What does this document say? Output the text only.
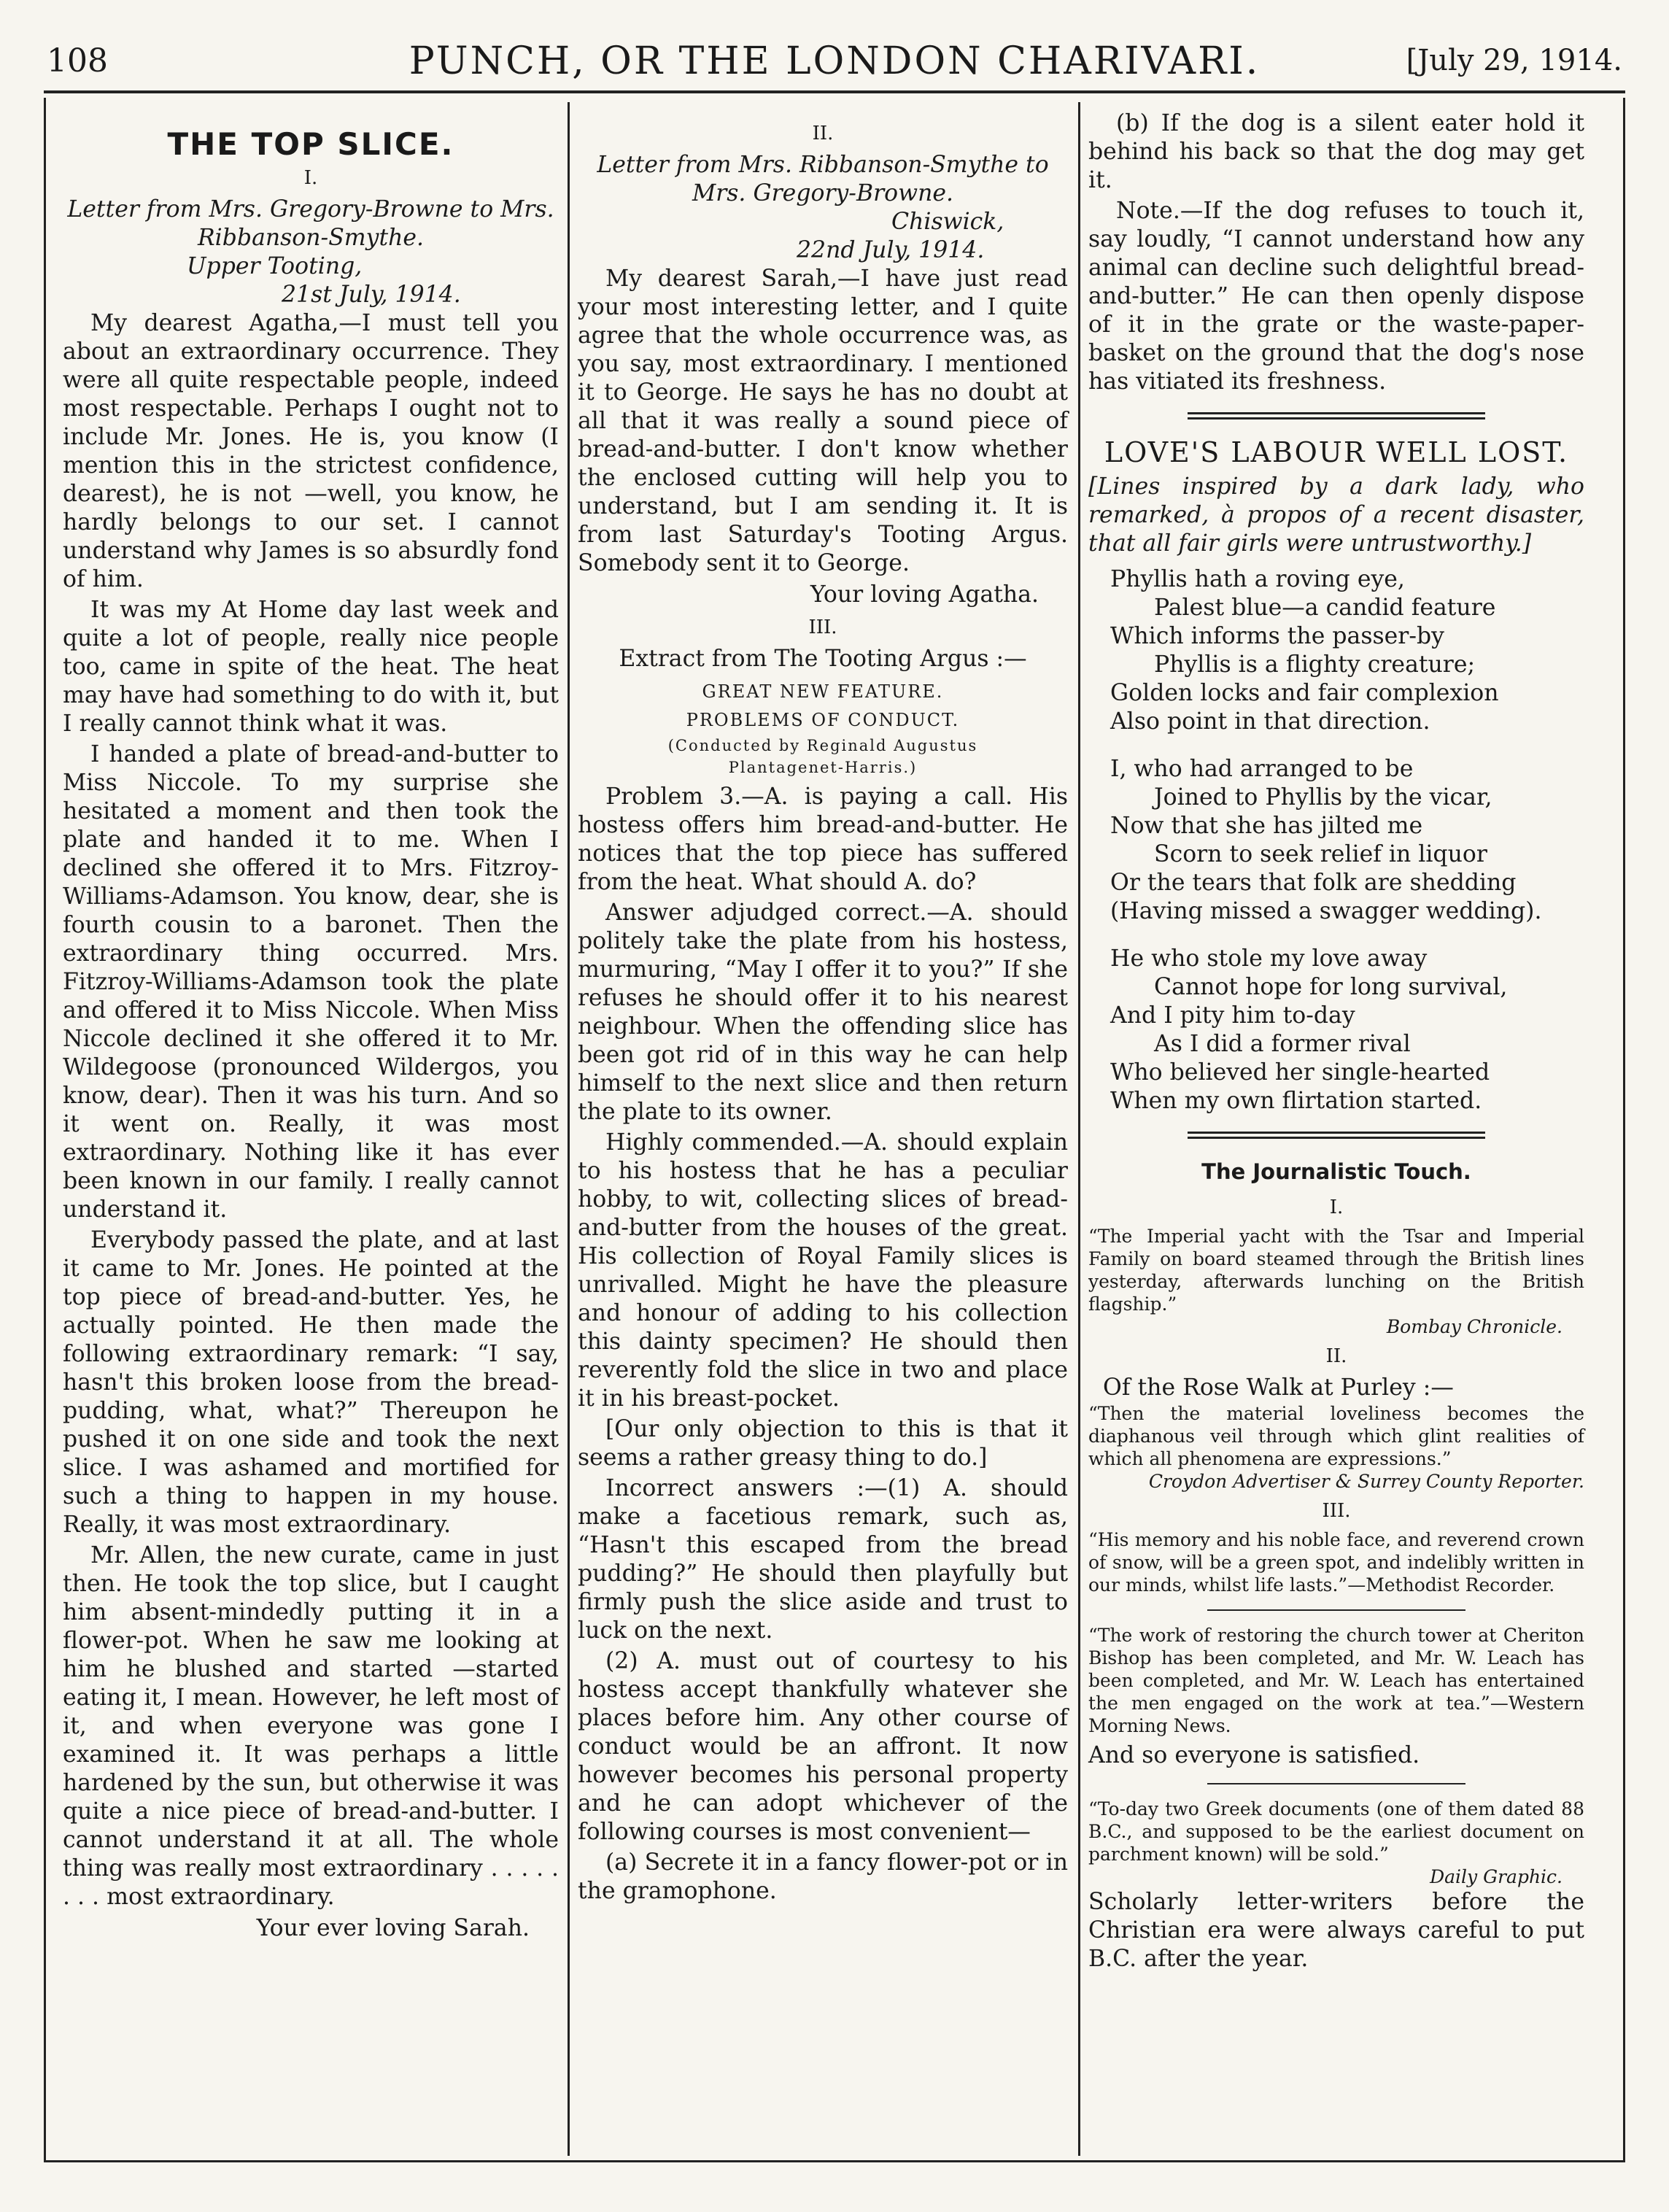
108	PUNCH, OR THE LONDON CHARIVARI.	[July 29, 1914.
THE TOP SLICE.
I.
Letter from Mrs. Gregory-Browne to Mrs. Ribbanson-Smythe.
Upper Tooting,
21st July, 1914.

My dearest Agatha,—I must tell you about an extraordinary occurrence. They were all quite respectable people, indeed most respectable. Perhaps I ought not to include Mr. Jones. He is, you know (I mention this in the strictest confidence, dearest), he is not —well, you know, he hardly belongs to our set. I cannot understand why James is so absurdly fond of him.

It was my At Home day last week and quite a lot of people, really nice people too, came in spite of the heat. The heat may have had something to do with it, but I really cannot think what it was.

I handed a plate of bread-and-butter to Miss Niccole. To my surprise she hesitated a moment and then took the plate and handed it to me. When I declined she offered it to Mrs. Fitzroy-Williams-Adamson. You know, dear, she is fourth cousin to a baronet. Then the extraordinary thing occurred. Mrs. Fitzroy-Williams-Adamson took the plate and offered it to Miss Niccole. When Miss Niccole declined it she offered it to Mr. Wildegoose (pronounced Wildergos, you know, dear). Then it was his turn. And so it went on. Really, it was most extraordinary. Nothing like it has ever been known in our family. I really cannot understand it.

Everybody passed the plate, and at last it came to Mr. Jones. He pointed at the top piece of bread-and-butter. Yes, he actually pointed. He then made the following extraordinary remark: “I say, hasn't this broken loose from the bread-pudding, what, what?” Thereupon he pushed it on one side and took the next slice. I was ashamed and mortified for such a thing to happen in my house. Really, it was most extraordinary.

Mr. Allen, the new curate, came in just then. He took the top slice, but I caught him absent-mindedly putting it in a flower-pot. When he saw me looking at him he blushed and started —started eating it, I mean. However, he left most of it, and when everyone was gone I examined it. It was perhaps a little hardened by the sun, but otherwise it was quite a nice piece of bread-and-butter. I cannot understand it at all. The whole thing was really most extraordinary . . . . . . . . most extraordinary.

Your ever loving Sarah.
II.
Letter from Mrs. Ribbanson-Smythe to Mrs. Gregory-Browne.
Chiswick,
22nd July, 1914.

My dearest Sarah,—I have just read your most interesting letter, and I quite agree that the whole occurrence was, as you say, most extraordinary. I mentioned it to George. He says he has no doubt at all that it was really a sound piece of bread-and-butter. I don't know whether the enclosed cutting will help you to understand, but I am sending it. It is from last Saturday's Tooting Argus. Somebody sent it to George.

Your loving Agatha.
III.
Extract from The Tooting Argus :—
GREAT NEW FEATURE.
PROBLEMS OF CONDUCT.
(Conducted by Reginald Augustus Plantagenet-Harris.)

Problem 3.—A. is paying a call. His hostess offers him bread-and-butter. He notices that the top piece has suffered from the heat. What should A. do?

Answer adjudged correct.—A. should politely take the plate from his hostess, murmuring, “May I offer it to you?” If she refuses he should offer it to his nearest neighbour. When the offending slice has been got rid of in this way he can help himself to the next slice and then return the plate to its owner.

Highly commended.—A. should explain to his hostess that he has a peculiar hobby, to wit, collecting slices of bread-and-butter from the houses of the great. His collection of Royal Family slices is unrivalled. Might he have the pleasure and honour of adding to his collection this dainty specimen? He should then reverently fold the slice in two and place it in his breast-pocket.

[Our only objection to this is that it seems a rather greasy thing to do.]

Incorrect answers :—(1) A. should make a facetious remark, such as, “Hasn't this escaped from the bread pudding?” He should then playfully but firmly push the slice aside and trust to luck on the next.

(2) A. must out of courtesy to his hostess accept thankfully whatever she places before him. Any other course of conduct would be an affront. It now however becomes his personal property and he can adopt whichever of the following courses is most convenient—

(a) Secrete it in a fancy flower-pot or in the gramophone.

(b) If the dog is a silent eater hold it behind his back so that the dog may get it.

Note.—If the dog refuses to touch it, say loudly, “I cannot understand how any animal can decline such delightful bread-and-butter.” He can then openly dispose of it in the grate or the waste-paper-basket on the ground that the dog's nose has vitiated its freshness.

LOVE'S LABOUR WELL LOST.
[Lines inspired by a dark lady, who remarked, à propos of a recent disaster, that all fair girls were untrustworthy.]
Phyllis hath a roving eye,
Palest blue—a candid feature
Which informs the passer-by
Phyllis is a flighty creature;
Golden locks and fair complexion
Also point in that direction.
I, who had arranged to be
Joined to Phyllis by the vicar,
Now that she has jilted me
Scorn to seek relief in liquor
Or the tears that folk are shedding
(Having missed a swagger wedding).
He who stole my love away
Cannot hope for long survival,
And I pity him to-day
As I did a former rival
Who believed her single-hearted
When my own flirtation started.
The Journalistic Touch.
I.
“The Imperial yacht with the Tsar and Imperial Family on board steamed through the British lines yesterday, afterwards lunching on the British flagship.”
Bombay Chronicle.
II.
Of the Rose Walk at Purley :—
“Then the material loveliness becomes the diaphanous veil through which glint realities of which all phenomena are expressions.”
Croydon Advertiser & Surrey County Reporter.
III.
“His memory and his noble face, and reverend crown of snow, will be a green spot, and indelibly written in our minds, whilst life lasts.”—Methodist Recorder.
“The work of restoring the church tower at Cheriton Bishop has been completed, and Mr. W. Leach has been completed, and Mr. W. Leach has entertained the men engaged on the work at tea.”—Western Morning News.
And so everyone is satisfied.
“To-day two Greek documents (one of them dated 88 B.C., and supposed to be the earliest document on parchment known) will be sold.”
Daily Graphic.
Scholarly letter-writers before the Christian era were always careful to put B.C. after the year.
